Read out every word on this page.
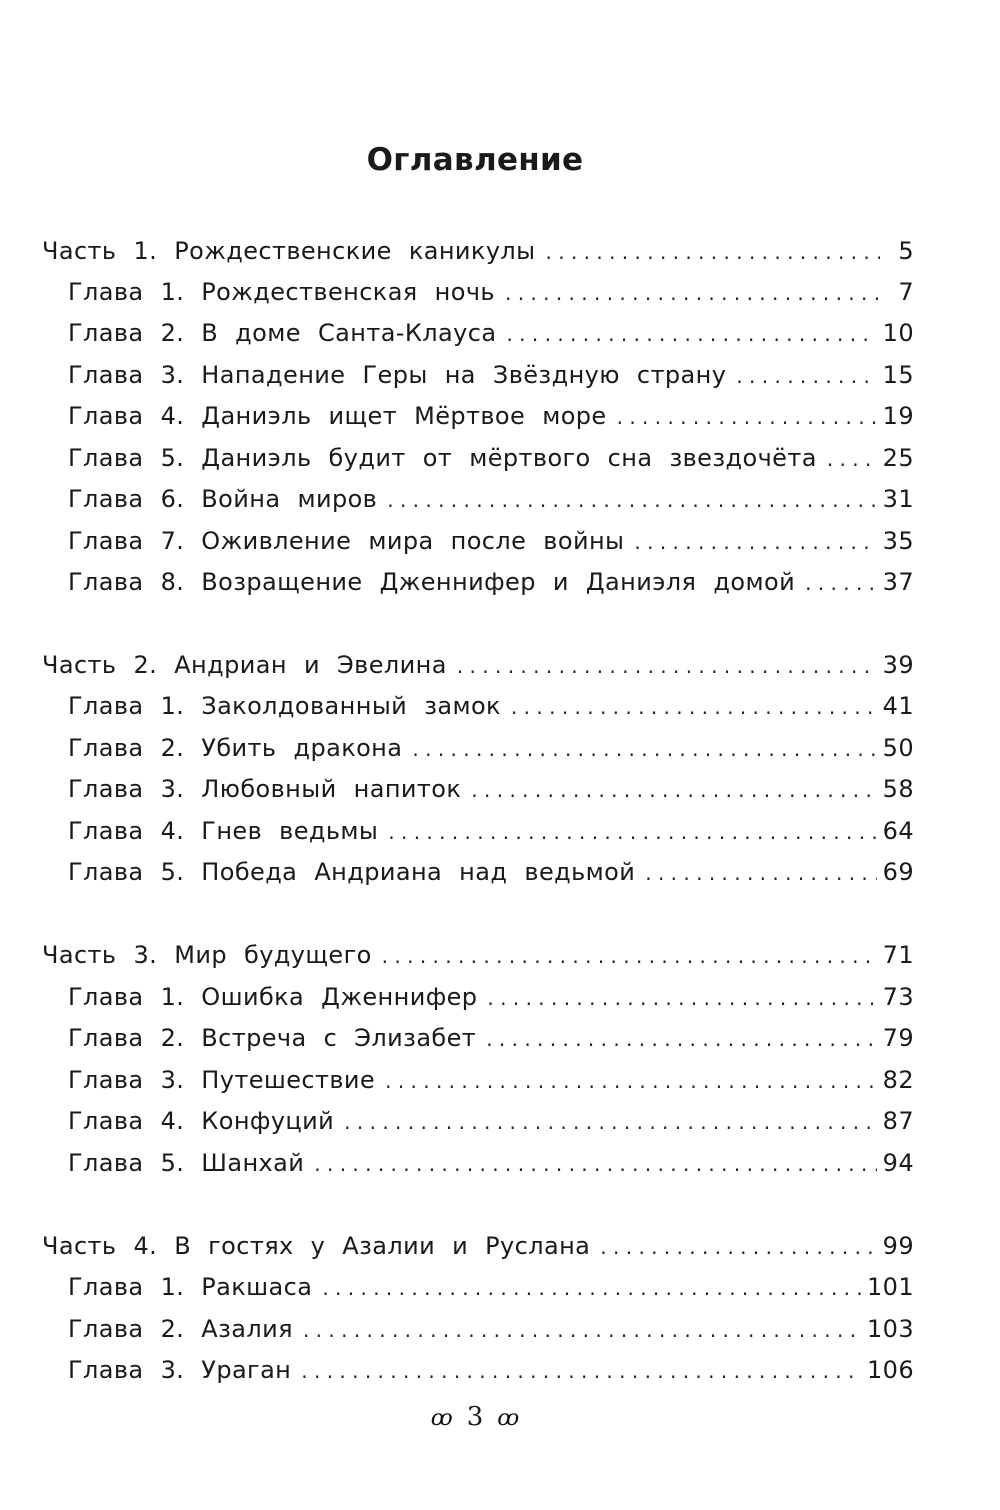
Оглавление
Часть 1. Рождественские каникулы . . .	5
Глава 1. Рождественская ночь . . .	7
Глава 2. В доме Санта-Клауса . . .	10
Глава 3. Нападение Геры на Звёздную страну . . .	15
Глава 4. Даниэль ищет Мёртвое море . . .	19
Глава 5. Даниэль будит от мёртвого сна звездочёта . . .	25
Глава 6. Война миров . . .	31
Глава 7. Оживление мира после войны . . .	35
Глава 8. Возращение Дженнифер и Даниэля домой . . .	37
Часть 2. Андриан и Эвелина . . .	39
Глава 1. Заколдованный замок . . .	41
Глава 2. Убить дракона . . .	50
Глава 3. Любовный напиток . . .	58
Глава 4. Гнев ведьмы . . .	64
Глава 5. Победа Андриана над ведьмой . . .	69
Часть 3. Мир будущего . . .	71
Глава 1. Ошибка Дженнифер . . .	73
Глава 2. Встреча с Элизабет . . .	79
Глава 3. Путешествие . . .	82
Глава 4. Конфуций . . .	87
Глава 5. Шанхай . . .	94
Часть 4. В гостях у Азалии и Руслана . . .	99
Глава 1. Ракшаса . . .	101
Глава 2. Азалия . . .	103
Глава 3. Ураган . . .	106
ꝏ 3 ꝏ
